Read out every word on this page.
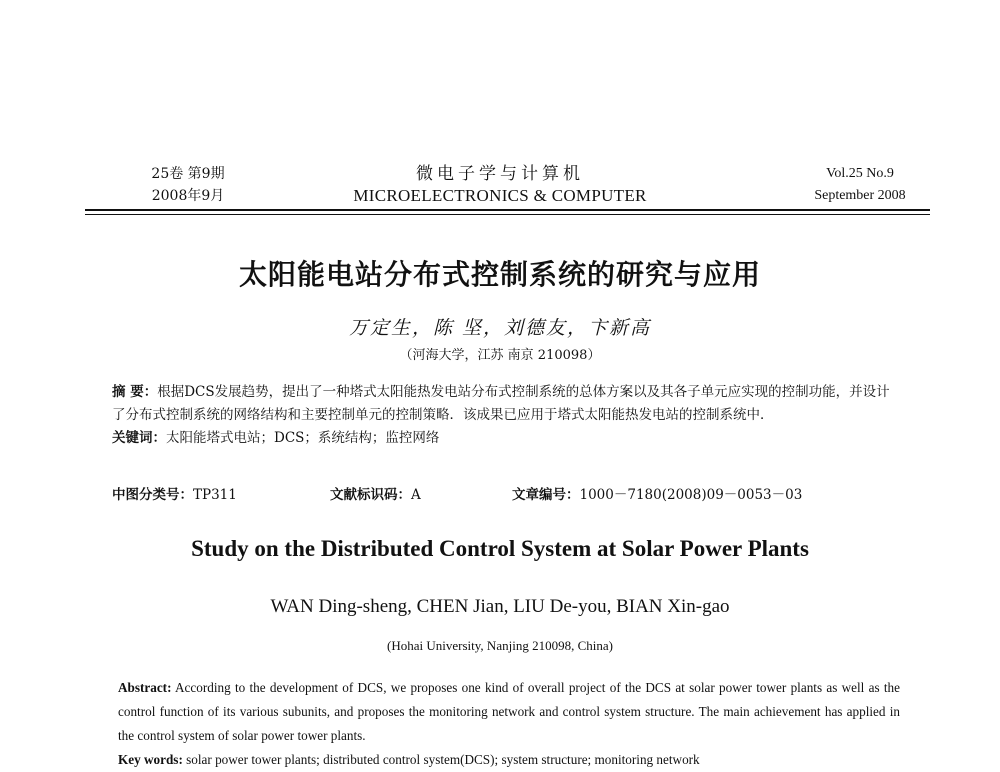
25卷 第9期
2008年9月
微电子学与计算机
MICROELECTRONICS & COMPUTER
Vol.25 No.9
September 2008
太阳能电站分布式控制系统的研究与应用
万定生，陈 坚，刘德友，卞新高
（河海大学，江苏 南京 210098）
摘 要：根据DCS发展趋势，提出了一种塔式太阳能热发电站分布式控制系统的总体方案以及其各子单元应实现的控制功能，并设计了分布式控制系统的网络结构和主要控制单元的控制策略．该成果已应用于塔式太阳能热发电站的控制系统中．
关键词：太阳能塔式电站；DCS；系统结构；监控网络
中图分类号：TP311	文献标识码：A	文章编号：1000－7180(2008)09－0053－03
Study on the Distributed Control System at Solar Power Plants
WAN Ding-sheng, CHEN Jian, LIU De-you, BIAN Xin-gao
(Hohai University, Nanjing 210098, China)
Abstract: According to the development of DCS, we proposes one kind of overall project of the DCS at solar power tower plants as well as the control function of its various subunits, and proposes the monitoring network and control system structure. The main achievement has applied in the control system of solar power tower plants.
Key words: solar power tower plants; distributed control system(DCS); system structure; monitoring network
